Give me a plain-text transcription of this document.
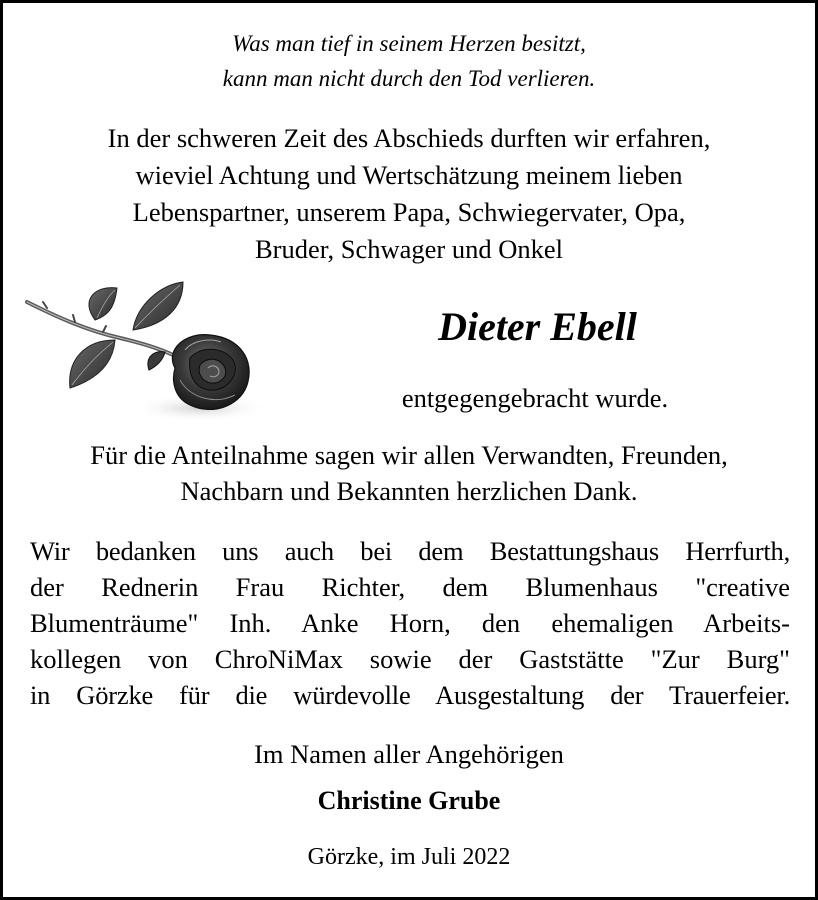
Was man tief in seinem Herzen besitzt,
kann man nicht durch den Tod verlieren.
In der schweren Zeit des Abschieds durften wir erfahren,
wieviel Achtung und Wertschätzung meinem lieben
Lebenspartner, unserem Papa, Schwiegervater, Opa,
Bruder, Schwager und Onkel
Dieter Ebell
entgegengebracht wurde.
Für die Anteilnahme sagen wir allen Verwandten, Freunden,
Nachbarn und Bekannten herzlichen Dank.
Wir bedanken uns auch bei dem Bestattungshaus Herrfurth,
der Rednerin Frau Richter, dem Blumenhaus "creative
Blumenträume" Inh. Anke Horn, den ehemaligen Arbeits-
kollegen von ChroNiMax sowie der Gaststätte "Zur Burg"
in Görzke für die würdevolle Ausgestaltung der Trauerfeier.
Im Namen aller Angehörigen
Christine Grube
Görzke, im Juli 2022
